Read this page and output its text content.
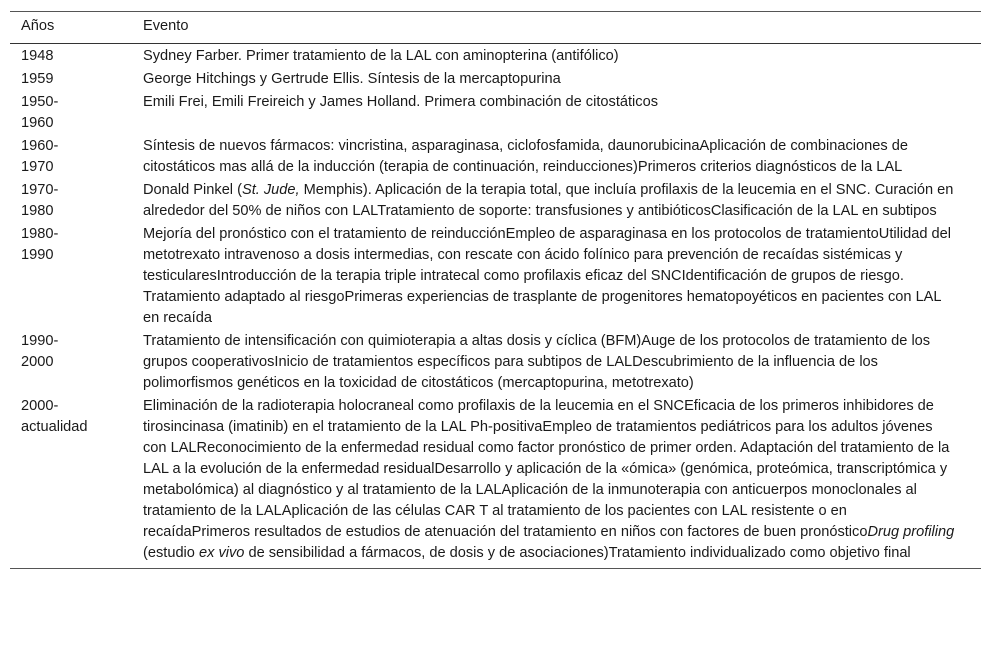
Años	Evento

1948	Sydney Farber. Primer tratamiento de la LAL con aminopterina (antifólico)

1959	George Hitchings y Gertrude Ellis. Síntesis de la mercaptopurina

1950-
1960	Emili Frei, Emili Freireich y James Holland. Primera combinación de citostáticos

1960-
1970	Síntesis de nuevos fármacos: vincristina, asparaginasa, ciclofosfamida, daunorubicinaAplicación de combinaciones de citostáticos mas allá de la inducción (terapia de continuación, reinducciones)Primeros criterios diagnósticos de la LAL

1970-
1980	Donald Pinkel (St. Jude, Memphis). Aplicación de la terapia total, que incluía profilaxis de la leucemia en el SNC. Curación en alrededor del 50% de niños con LALTratamiento de soporte: transfusiones y antibióticosClasificación de la LAL en subtipos

1980-
1990	Mejoría del pronóstico con el tratamiento de reinducciónEmpleo de asparaginasa en los protocolos de tratamientoUtilidad del metotrexato intravenoso a dosis intermedias, con rescate con ácido folínico para prevención de recaídas sistémicas y testicularesIntroducción de la terapia triple intratecal como profilaxis eficaz del SNCIdentificación de grupos de riesgo. Tratamiento adaptado al riesgoPrimeras experiencias de trasplante de progenitores hematopoyéticos en pacientes con LAL en recaída

1990-
2000	Tratamiento de intensificación con quimioterapia a altas dosis y cíclica (BFM)Auge de los protocolos de tratamiento de los grupos cooperativosInicio de tratamientos específicos para subtipos de LALDescubrimiento de la influencia de los polimorfismos genéticos en la toxicidad de citostáticos (mercaptopurina, metotrexato)

2000-
actualidad	Eliminación de la radioterapia holocraneal como profilaxis de la leucemia en el SNCEficacia de los primeros inhibidores de tirosincinasa (imatinib) en el tratamiento de la LAL Ph-positivaEmpleo de tratamientos pediátricos para los adultos jóvenes con LALReconocimiento de la enfermedad residual como factor pronóstico de primer orden. Adaptación del tratamiento de la LAL a la evolución de la enfermedad residualDesarrollo y aplicación de la «ómica» (genómica, proteómica, transcriptómica y metabolómica) al diagnóstico y al tratamiento de la LALAplicación de la inmunoterapia con anticuerpos monoclonales al tratamiento de la LALAplicación de las células CAR T al tratamiento de los pacientes con LAL resistente o en recaídaPrimeros resultados de estudios de atenuación del tratamiento en niños con factores de buen pronósticoDrug profiling (estudio ex vivo de sensibilidad a fármacos, de dosis y de asociaciones)Tratamiento individualizado como objetivo final
